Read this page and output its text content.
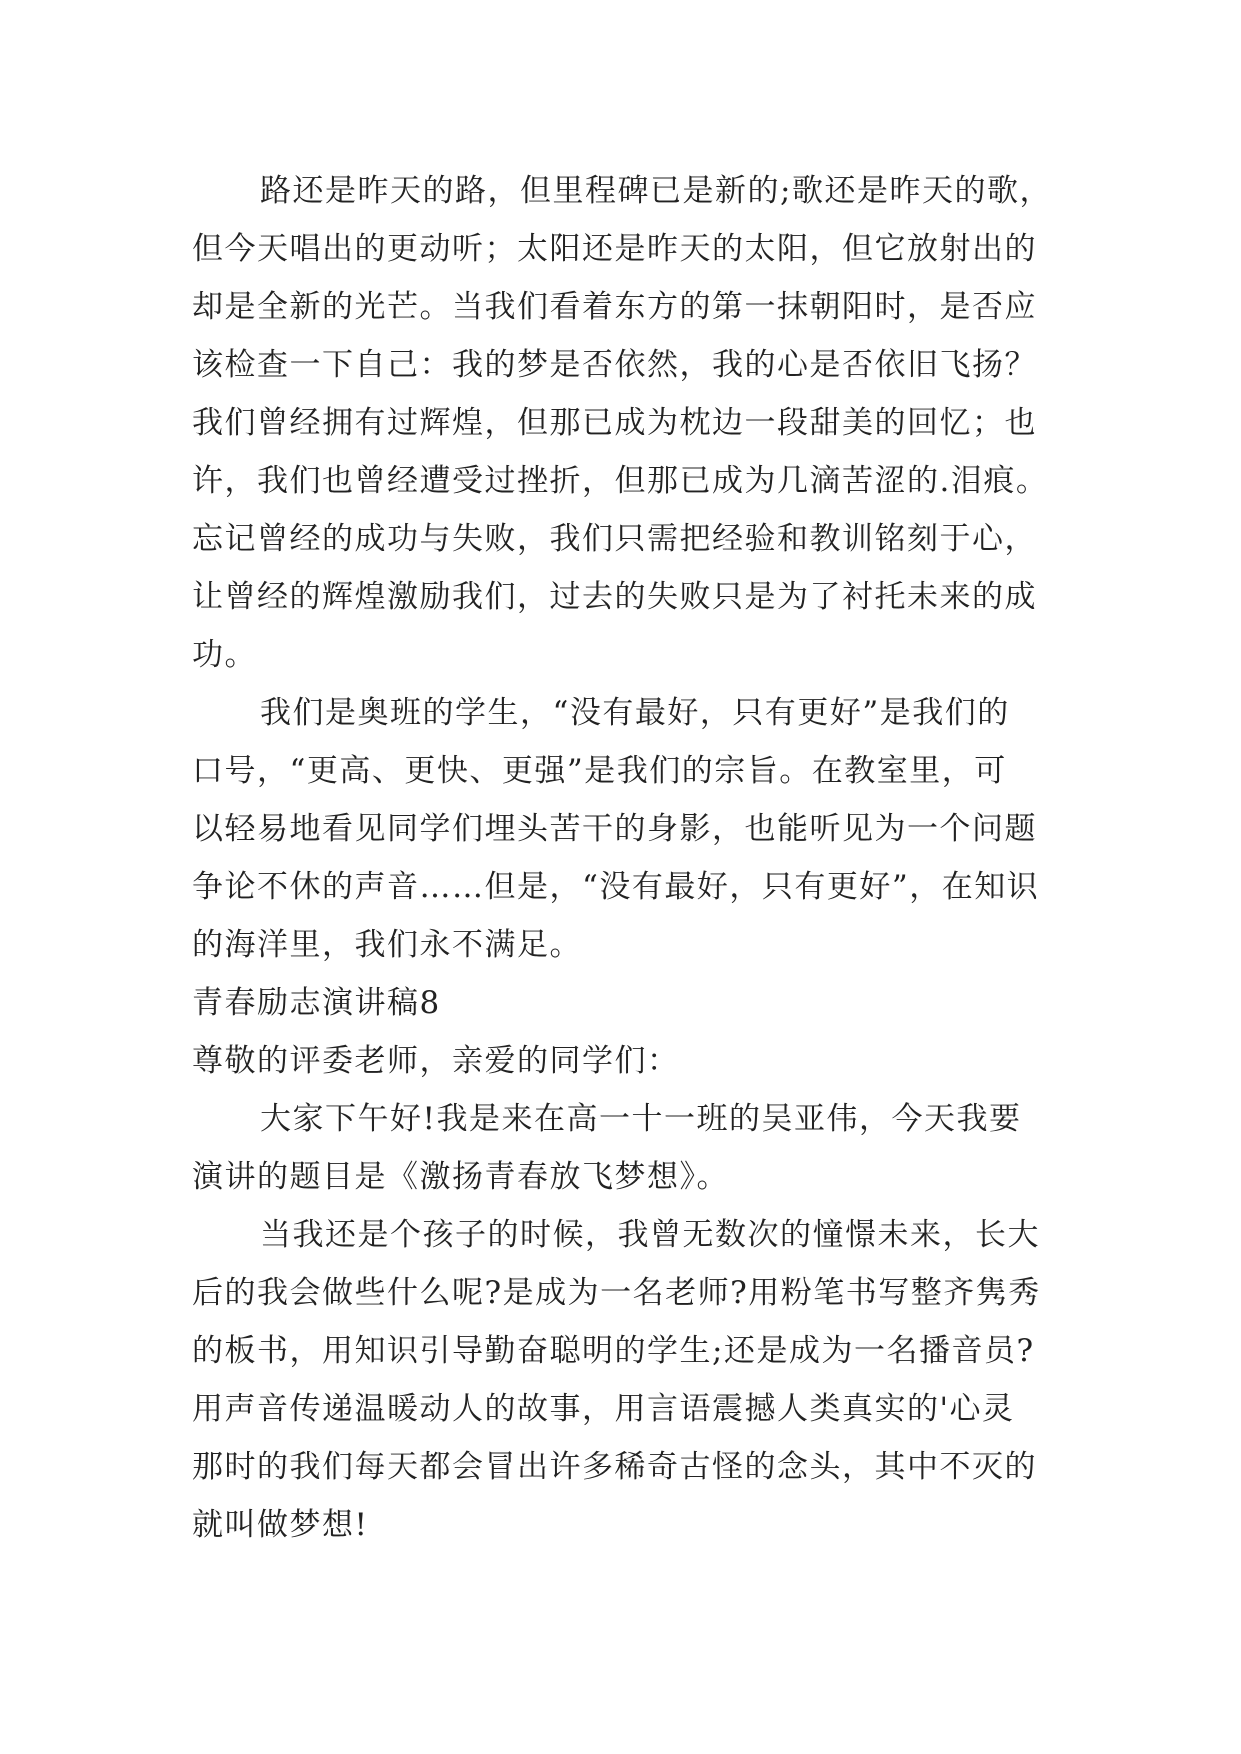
路还是昨天的路，但里程碑已是新的;歌还是昨天的歌，
但今天唱出的更动听；太阳还是昨天的太阳，但它放射出的
却是全新的光芒。当我们看着东方的第一抹朝阳时，是否应
该检查一下自己：我的梦是否依然，我的心是否依旧飞扬？
我们曾经拥有过辉煌，但那已成为枕边一段甜美的回忆；也
许，我们也曾经遭受过挫折，但那已成为几滴苦涩的.泪痕。
忘记曾经的成功与失败，我们只需把经验和教训铭刻于心，
让曾经的辉煌激励我们，过去的失败只是为了衬托未来的成
功。
我们是奥班的学生，“没有最好，只有更好”是我们的
口号，“更高、更快、更强”是我们的宗旨。在教室里，可
以轻易地看见同学们埋头苦干的身影，也能听见为一个问题
争论不休的声音……但是，“没有最好，只有更好”，在知识
的海洋里，我们永不满足。
青春励志演讲稿8
尊敬的评委老师，亲爱的同学们：
大家下午好!我是来在高一十一班的吴亚伟，今天我要
演讲的题目是《激扬青春放飞梦想》。
当我还是个孩子的时候，我曾无数次的憧憬未来，长大
后的我会做些什么呢?是成为一名老师?用粉笔书写整齐隽秀
的板书，用知识引导勤奋聪明的学生;还是成为一名播音员?
用声音传递温暖动人的故事，用言语震撼人类真实的'心灵
那时的我们每天都会冒出许多稀奇古怪的念头，其中不灭的
就叫做梦想!
